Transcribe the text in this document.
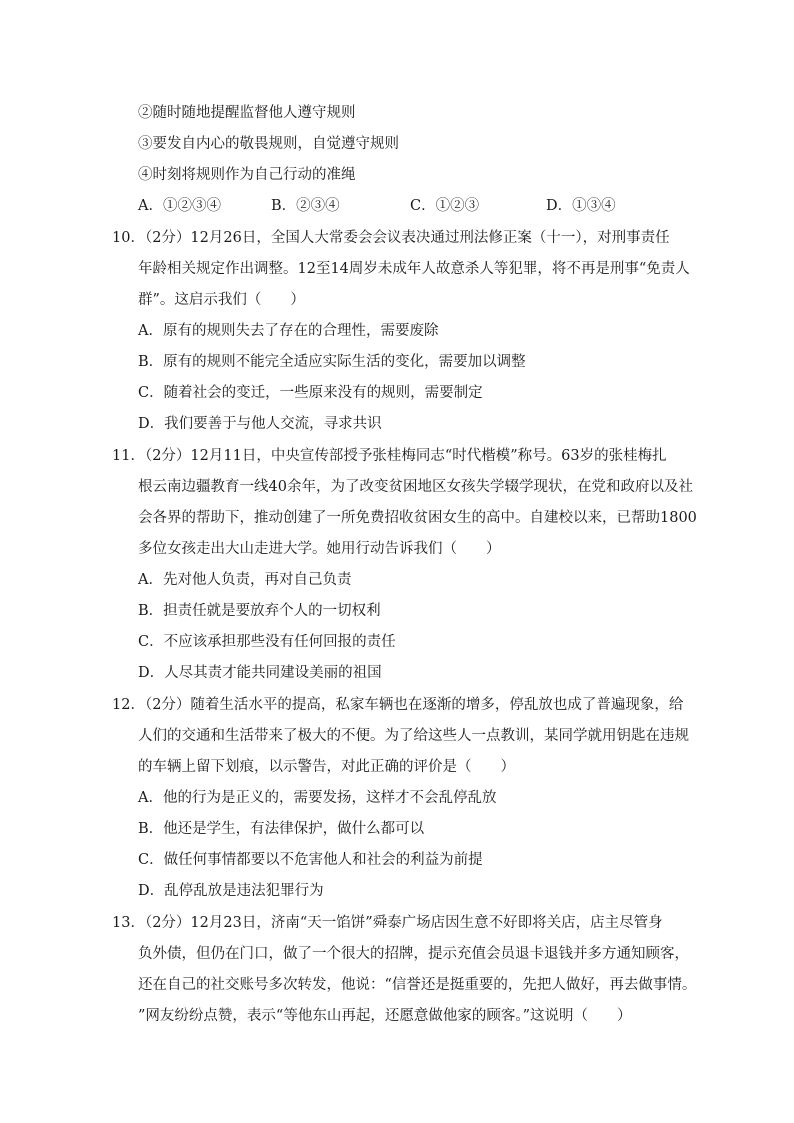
②随时随地提醒监督他人遵守规则
③要发自内心的敬畏规则，自觉遵守规则
④时刻将规则作为自己行动的准绳
A．①②③④	B．②③④	C．①②③	D．①③④
10．（2分）12月26日，全国人大常委会会议表决通过刑法修正案（十一），对刑事责任
年龄相关规定作出调整。12至14周岁未成年人故意杀人等犯罪，将不再是刑事“免责人
群”。这启示我们（　　）
A．原有的规则失去了存在的合理性，需要废除
B．原有的规则不能完全适应实际生活的变化，需要加以调整
C．随着社会的变迁，一些原来没有的规则，需要制定
D．我们要善于与他人交流，寻求共识
11．（2分）12月11日，中央宣传部授予张桂梅同志“时代楷模”称号。63岁的张桂梅扎
根云南边疆教育一线40余年，为了改变贫困地区女孩失学辍学现状，在党和政府以及社
会各界的帮助下，推动创建了一所免费招收贫困女生的高中。自建校以来，已帮助1800
多位女孩走出大山走进大学。她用行动告诉我们（　　）
A．先对他人负责，再对自己负责
B．担责任就是要放弃个人的一切权利
C．不应该承担那些没有任何回报的责任
D．人尽其责才能共同建设美丽的祖国
12．（2分）随着生活水平的提高，私家车辆也在逐渐的增多，停乱放也成了普遍现象，给
人们的交通和生活带来了极大的不便。为了给这些人一点教训，某同学就用钥匙在违规
的车辆上留下划痕，以示警告，对此正确的评价是（　　）
A．他的行为是正义的，需要发扬，这样才不会乱停乱放
B．他还是学生，有法律保护，做什么都可以
C．做任何事情都要以不危害他人和社会的利益为前提
D．乱停乱放是违法犯罪行为
13．（2分）12月23日，济南“天一馅饼”舜泰广场店因生意不好即将关店，店主尽管身
负外债，但仍在门口，做了一个很大的招牌，提示充值会员退卡退钱并多方通知顾客，
还在自己的社交账号多次转发，他说：“信誉还是挺重要的，先把人做好，再去做事情。
”网友纷纷点赞，表示“等他东山再起，还愿意做他家的顾客。”这说明（　　）
